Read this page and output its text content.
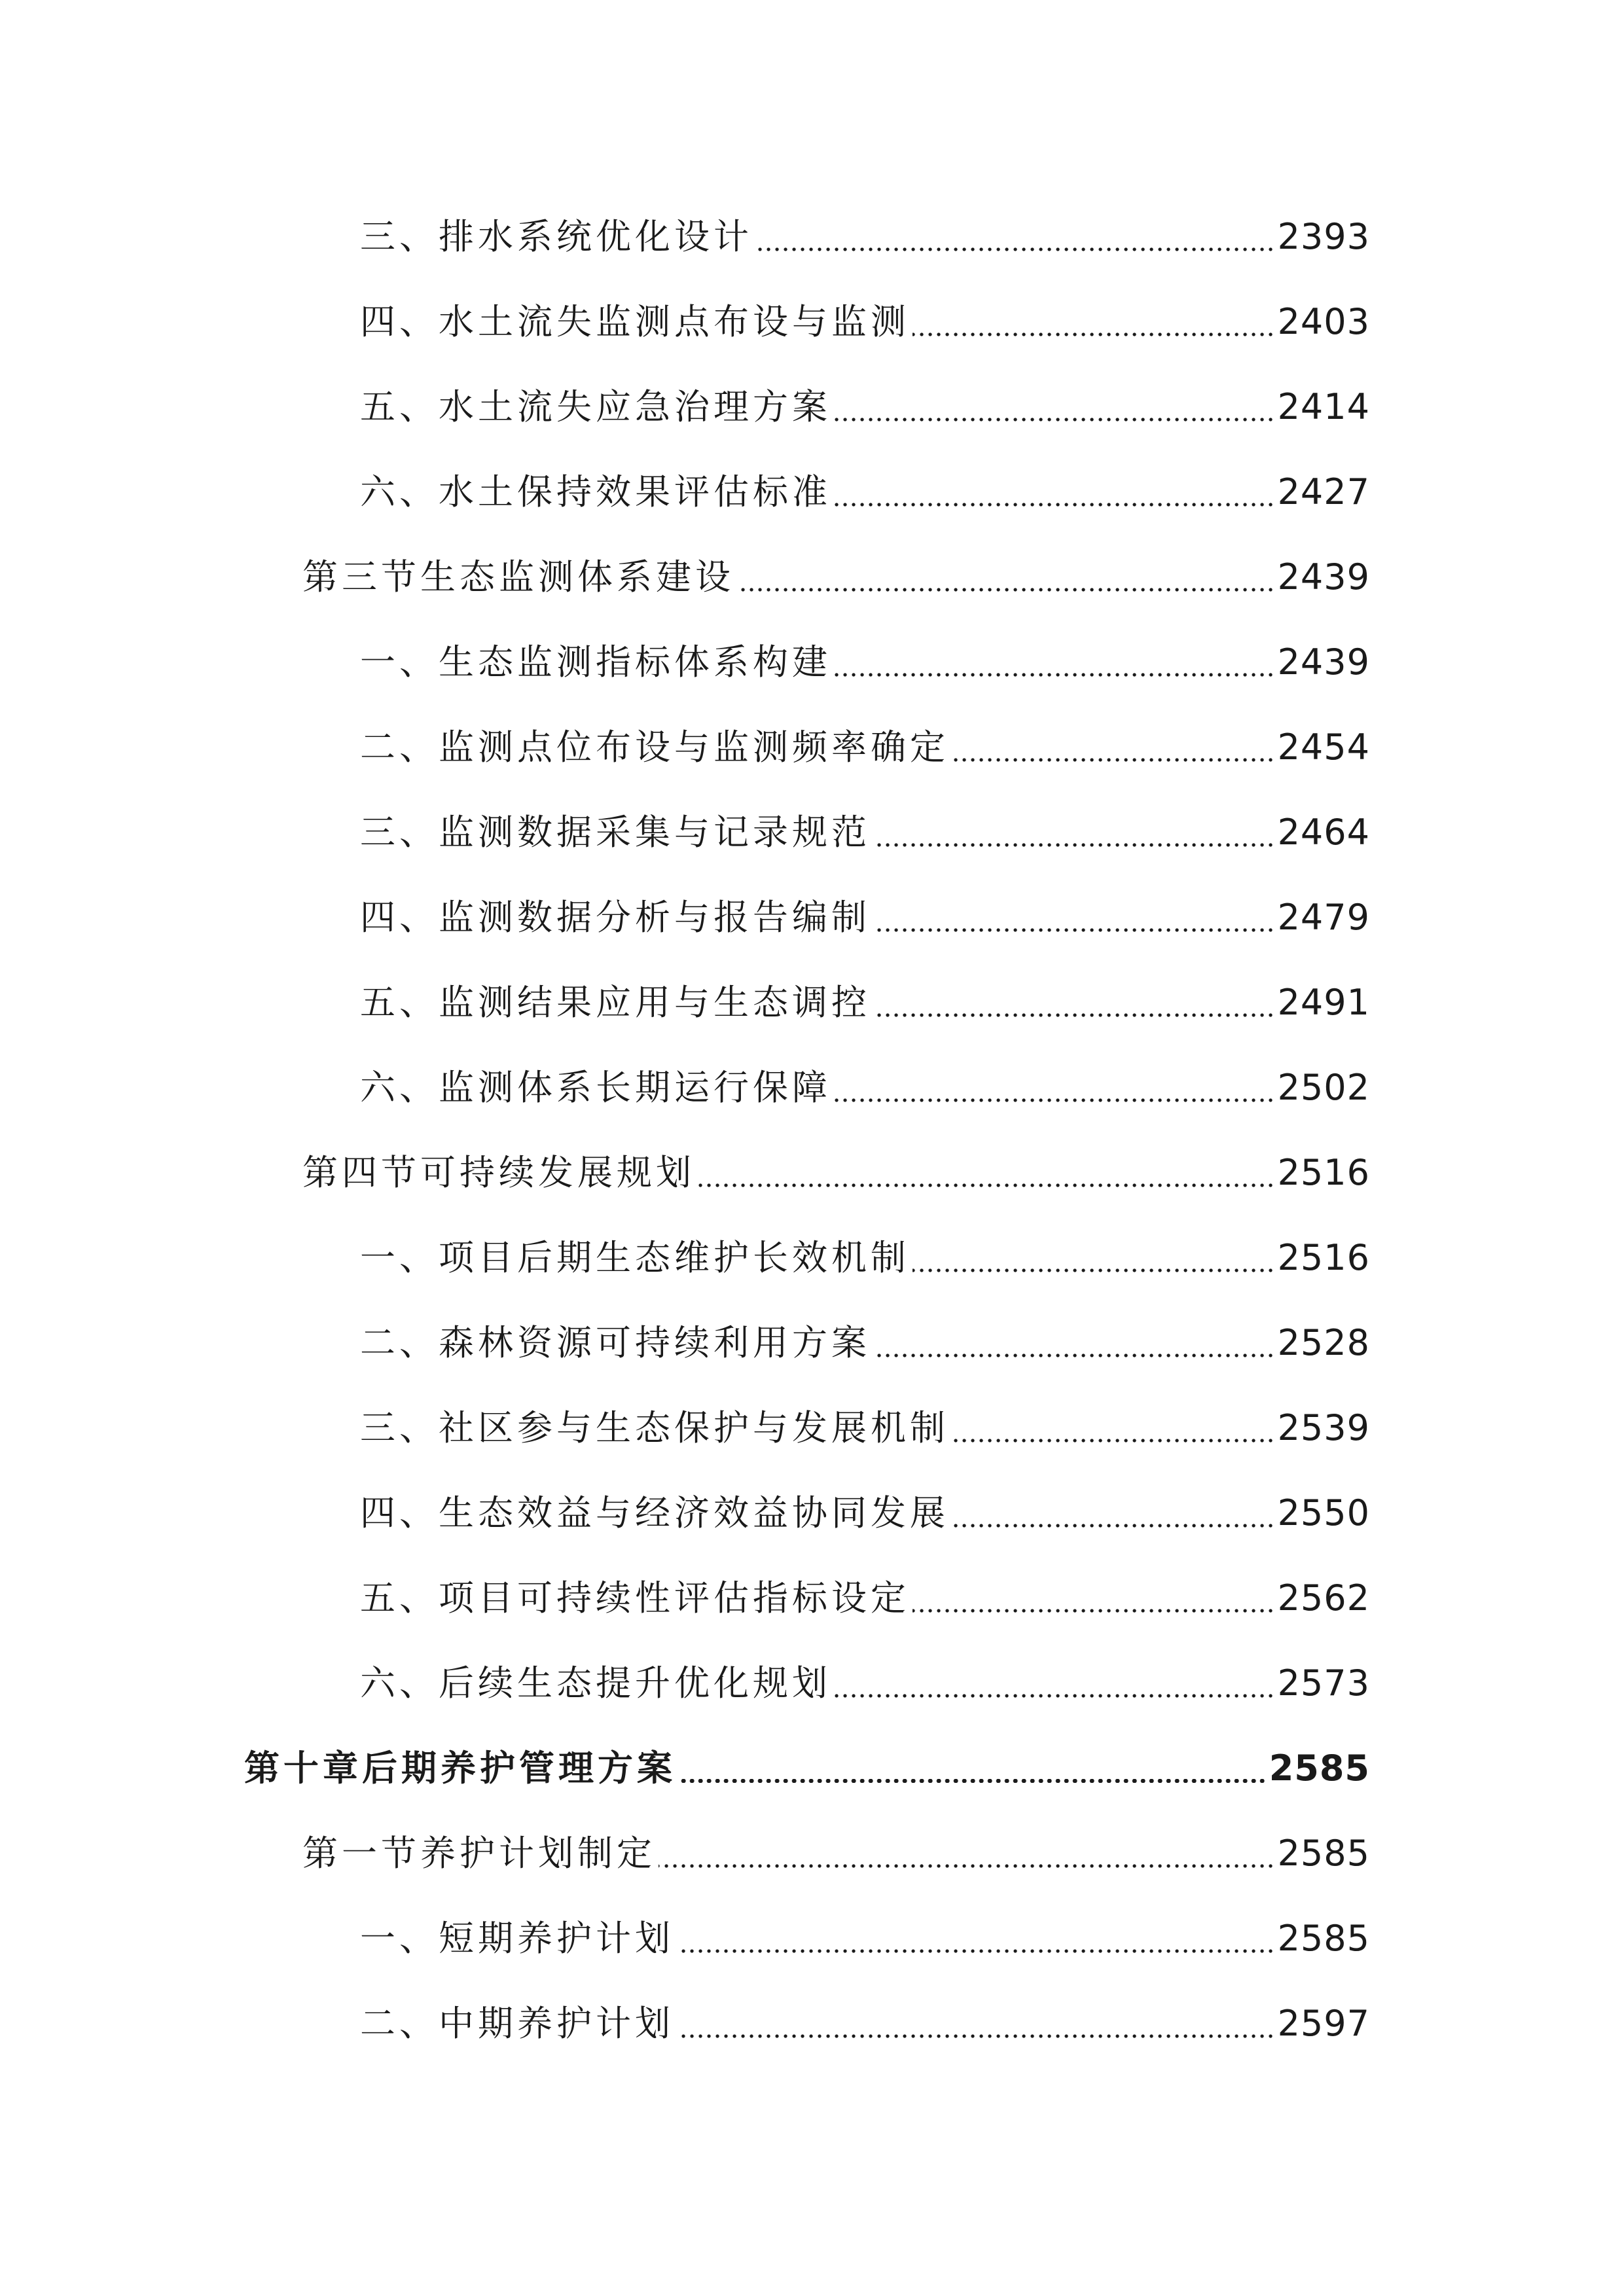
三、排水系统优化设计	2393
四、水土流失监测点布设与监测	2403
五、水土流失应急治理方案	2414
六、水土保持效果评估标准	2427
第三节生态监测体系建设	2439
一、生态监测指标体系构建	2439
二、监测点位布设与监测频率确定	2454
三、监测数据采集与记录规范	2464
四、监测数据分析与报告编制	2479
五、监测结果应用与生态调控	2491
六、监测体系长期运行保障	2502
第四节可持续发展规划	2516
一、项目后期生态维护长效机制	2516
二、森林资源可持续利用方案	2528
三、社区参与生态保护与发展机制	2539
四、生态效益与经济效益协同发展	2550
五、项目可持续性评估指标设定	2562
六、后续生态提升优化规划	2573
第十章后期养护管理方案	2585
第一节养护计划制定	2585
一、短期养护计划	2585
二、中期养护计划	2597
